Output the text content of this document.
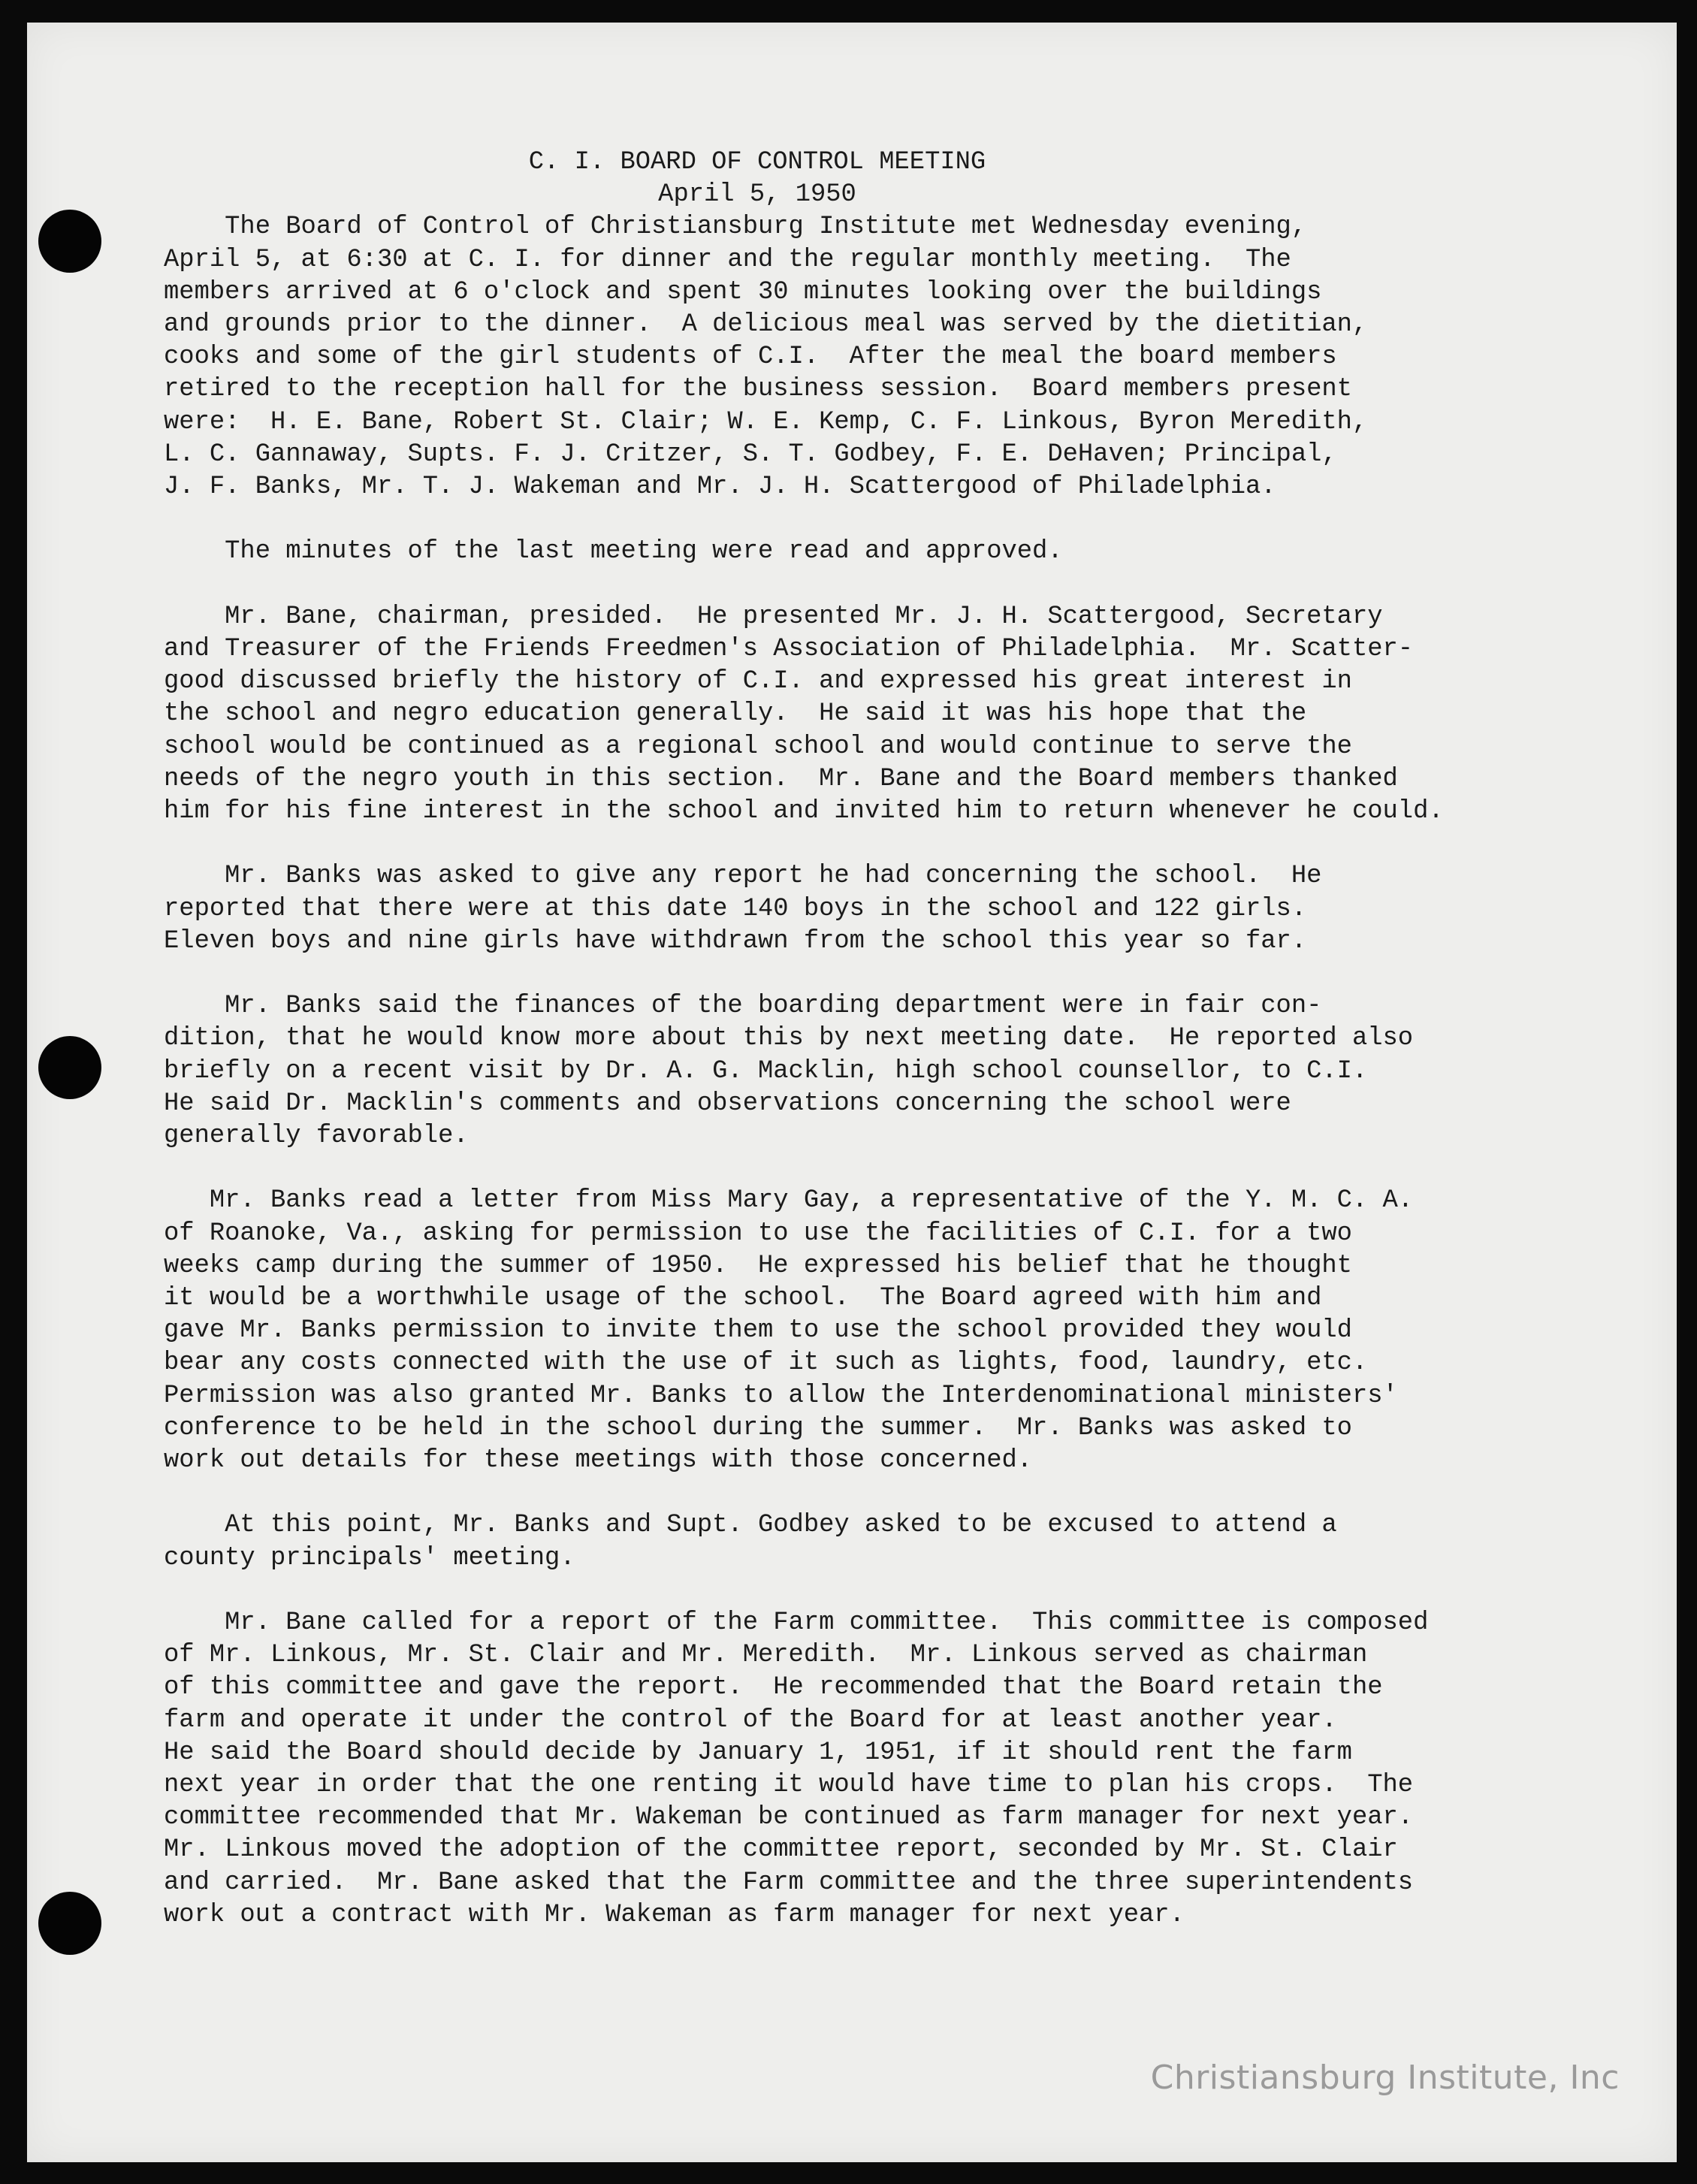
C. I. BOARD OF CONTROL MEETING
April 5, 1950
The Board of Control of Christiansburg Institute met Wednesday evening,
April 5, at 6:30 at C. I. for dinner and the regular monthly meeting.  The
members arrived at 6 o'clock and spent 30 minutes looking over the buildings
and grounds prior to the dinner.  A delicious meal was served by the dietitian,
cooks and some of the girl students of C.I.  After the meal the board members
retired to the reception hall for the business session.  Board members present
were:  H. E. Bane, Robert St. Clair; W. E. Kemp, C. F. Linkous, Byron Meredith,
L. C. Gannaway, Supts. F. J. Critzer, S. T. Godbey, F. E. DeHaven; Principal,
J. F. Banks, Mr. T. J. Wakeman and Mr. J. H. Scattergood of Philadelphia.
The minutes of the last meeting were read and approved.
Mr. Bane, chairman, presided.  He presented Mr. J. H. Scattergood, Secretary
and Treasurer of the Friends Freedmen's Association of Philadelphia.  Mr. Scatter-
good discussed briefly the history of C.I. and expressed his great interest in
the school and negro education generally.  He said it was his hope that the
school would be continued as a regional school and would continue to serve the
needs of the negro youth in this section.  Mr. Bane and the Board members thanked
him for his fine interest in the school and invited him to return whenever he could.
Mr. Banks was asked to give any report he had concerning the school.  He
reported that there were at this date 140 boys in the school and 122 girls.
Eleven boys and nine girls have withdrawn from the school this year so far.
Mr. Banks said the finances of the boarding department were in fair con-
dition, that he would know more about this by next meeting date.  He reported also
briefly on a recent visit by Dr. A. G. Macklin, high school counsellor, to C.I.
He said Dr. Macklin's comments and observations concerning the school were
generally favorable.
Mr. Banks read a letter from Miss Mary Gay, a representative of the Y. M. C. A.
of Roanoke, Va., asking for permission to use the facilities of C.I. for a two
weeks camp during the summer of 1950.  He expressed his belief that he thought
it would be a worthwhile usage of the school.  The Board agreed with him and
gave Mr. Banks permission to invite them to use the school provided they would
bear any costs connected with the use of it such as lights, food, laundry, etc.
Permission was also granted Mr. Banks to allow the Interdenominational ministers'
conference to be held in the school during the summer.  Mr. Banks was asked to
work out details for these meetings with those concerned.
At this point, Mr. Banks and Supt. Godbey asked to be excused to attend a
county principals' meeting.
Mr. Bane called for a report of the Farm committee.  This committee is composed
of Mr. Linkous, Mr. St. Clair and Mr. Meredith.  Mr. Linkous served as chairman
of this committee and gave the report.  He recommended that the Board retain the
farm and operate it under the control of the Board for at least another year.
He said the Board should decide by January 1, 1951, if it should rent the farm
next year in order that the one renting it would have time to plan his crops.  The
committee recommended that Mr. Wakeman be continued as farm manager for next year.
Mr. Linkous moved the adoption of the committee report, seconded by Mr. St. Clair
and carried.  Mr. Bane asked that the Farm committee and the three superintendents
work out a contract with Mr. Wakeman as farm manager for next year.
Christiansburg Institute, Inc
